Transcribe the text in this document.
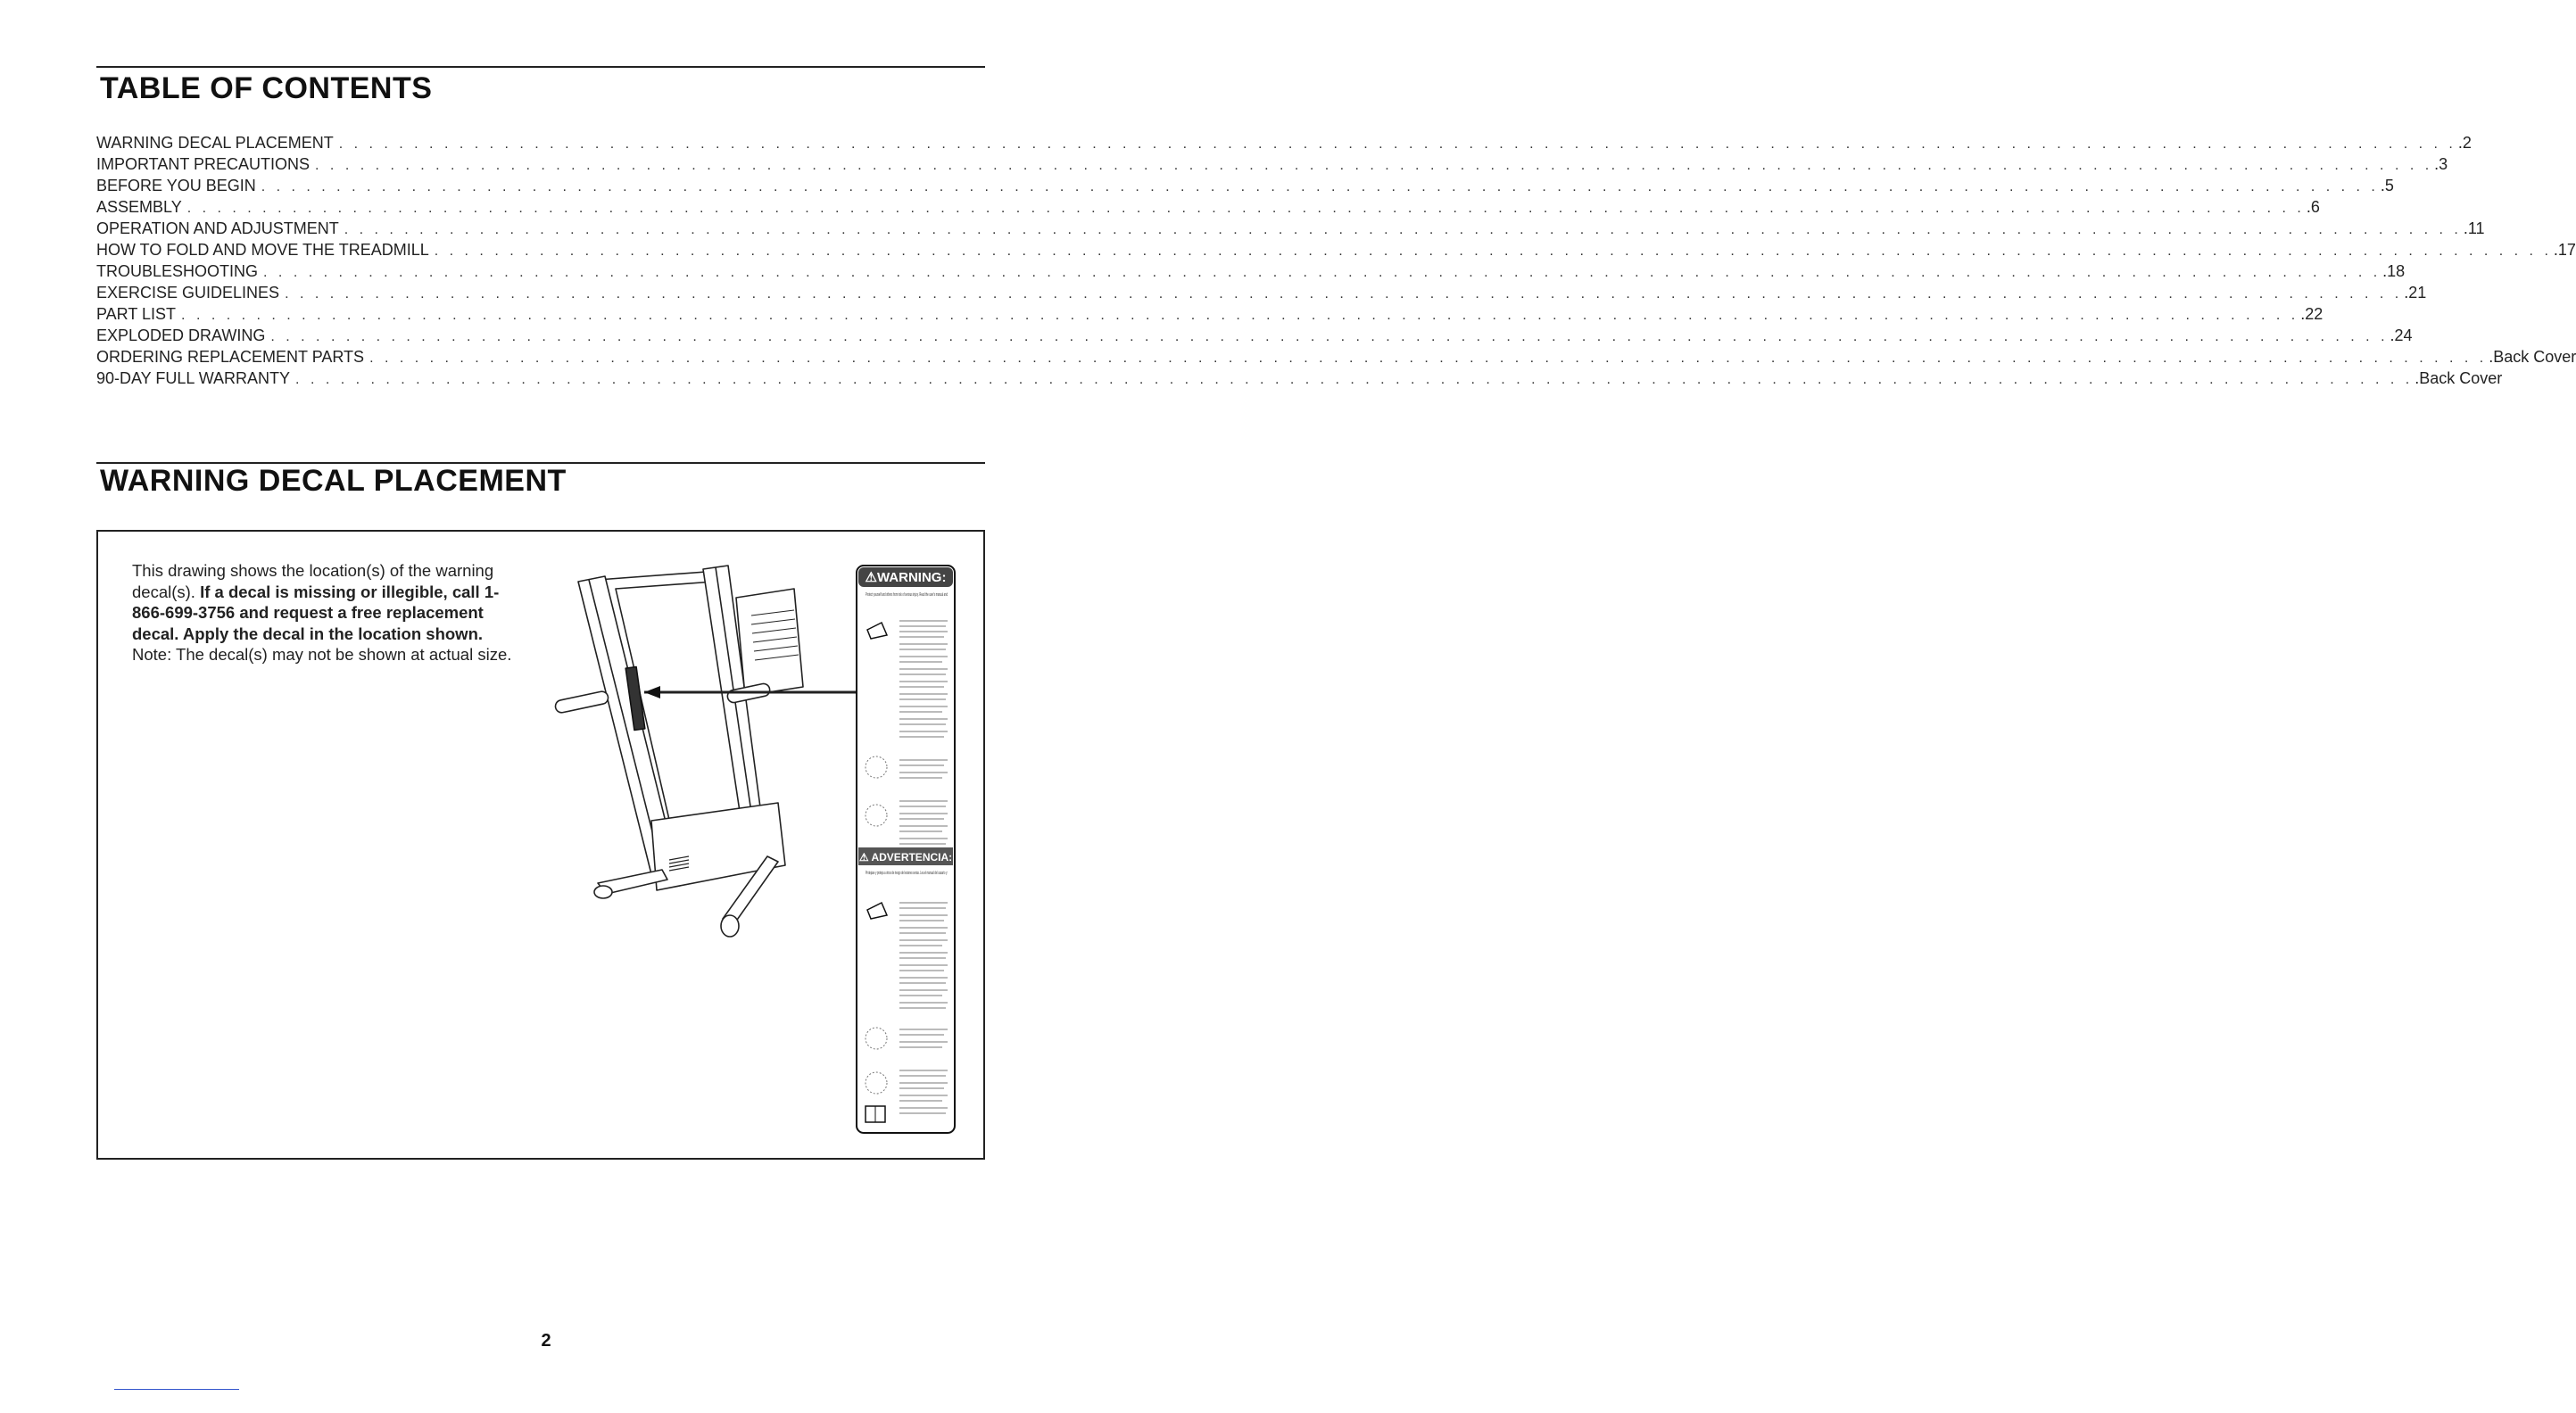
TABLE OF CONTENTS
WARNING DECAL PLACEMENT . . .	.2
IMPORTANT PRECAUTIONS . . .	.3
BEFORE YOU BEGIN . . .	.5
ASSEMBLY . . .	.6
OPERATION AND ADJUSTMENT . . .	.11
HOW TO FOLD AND MOVE THE TREADMILL . . .	.17
TROUBLESHOOTING . . .	.18
EXERCISE GUIDELINES . . .	.21
PART LIST . . .	.22
EXPLODED DRAWING . . .	.24
ORDERING REPLACEMENT PARTS . . .	.Back Cover
90-DAY FULL WARRANTY . . .	.Back Cover
WARNING DECAL PLACEMENT
This drawing shows the location(s) of the warning decal(s). If a decal is missing or illegible, call 1-866-699-3756 and request a free replacement decal. Apply the decal in the location shown. Note: The decal(s) may not be shown at actual size.
⚠WARNING:
Protect yourself and others from risk of serious injury. Read the user's manual and
⚠ ADVERTENCIA:
Protejase y proteja a otros de riesgo de lesiones serias. Lea el manual del usuario y:
2
